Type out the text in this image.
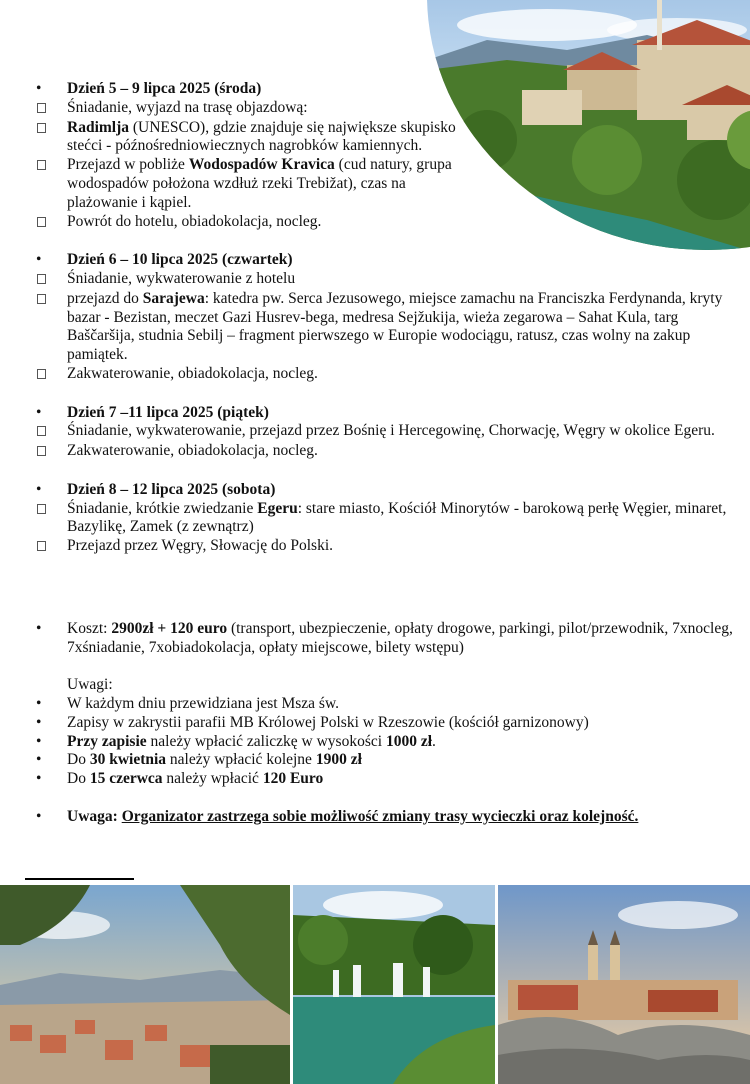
•	Dzień 5 – 9 lipca 2025 (środa)
Śniadanie, wyjazd na trasę objazdową:
Radimlja (UNESCO), gdzie znajduje się największe skupisko stećci - późnośredniowiecznych nagrobków kamiennych.
Przejazd w pobliże Wodospadów Kravica (cud natury, grupa wodospadów położona wzdłuż rzeki Trebižat), czas na plażowanie i kąpiel.
Powrót do hotelu, obiadokolacja, nocleg.
•	Dzień 6 – 10 lipca 2025 (czwartek)
Śniadanie, wykwaterowanie z hotelu
przejazd do Sarajewa: katedra pw. Serca Jezusowego, miejsce zamachu na Franciszka Ferdynanda, kryty bazar - Bezistan, meczet Gazi Husrev-bega, medresa Sejžukija, wieża zegarowa – Sahat Kula, targ Baščaršija, studnia Sebilj – fragment pierwszego w Europie wodociągu, ratusz, czas wolny na zakup pamiątek.
Zakwaterowanie, obiadokolacja, nocleg.
•	Dzień 7 –11 lipca 2025 (piątek)
Śniadanie, wykwaterowanie, przejazd przez Bośnię i Hercegowinę, Chorwację, Węgry w okolice Egeru.
Zakwaterowanie, obiadokolacja, nocleg.
•	Dzień 8 – 12 lipca 2025 (sobota)
Śniadanie, krótkie zwiedzanie Egeru: stare miasto, Kościół Minorytów - barokową perłę Węgier, minaret, Bazylikę, Zamek (z zewnątrz)
Przejazd przez Węgry, Słowację do Polski.
•	Koszt: 2900zł + 120 euro (transport, ubezpieczenie, opłaty drogowe, parkingi, pilot/przewodnik, 7xnocleg, 7xśniadanie, 7xobiadokolacja, opłaty miejscowe, bilety wstępu)
Uwagi:
•	W każdym dniu przewidziana jest Msza św.
•	Zapisy w zakrystii parafii MB Królowej Polski w Rzeszowie (kościół garnizonowy)
•	Przy zapisie należy wpłacić zaliczkę w wysokości 1000 zł.
•	Do 30 kwietnia należy wpłacić kolejne 1900 zł
•	Do 15 czerwca należy wpłacić 120 Euro
•	Uwaga: Organizator zastrzega sobie możliwość zmiany trasy wycieczki oraz kolejność.
